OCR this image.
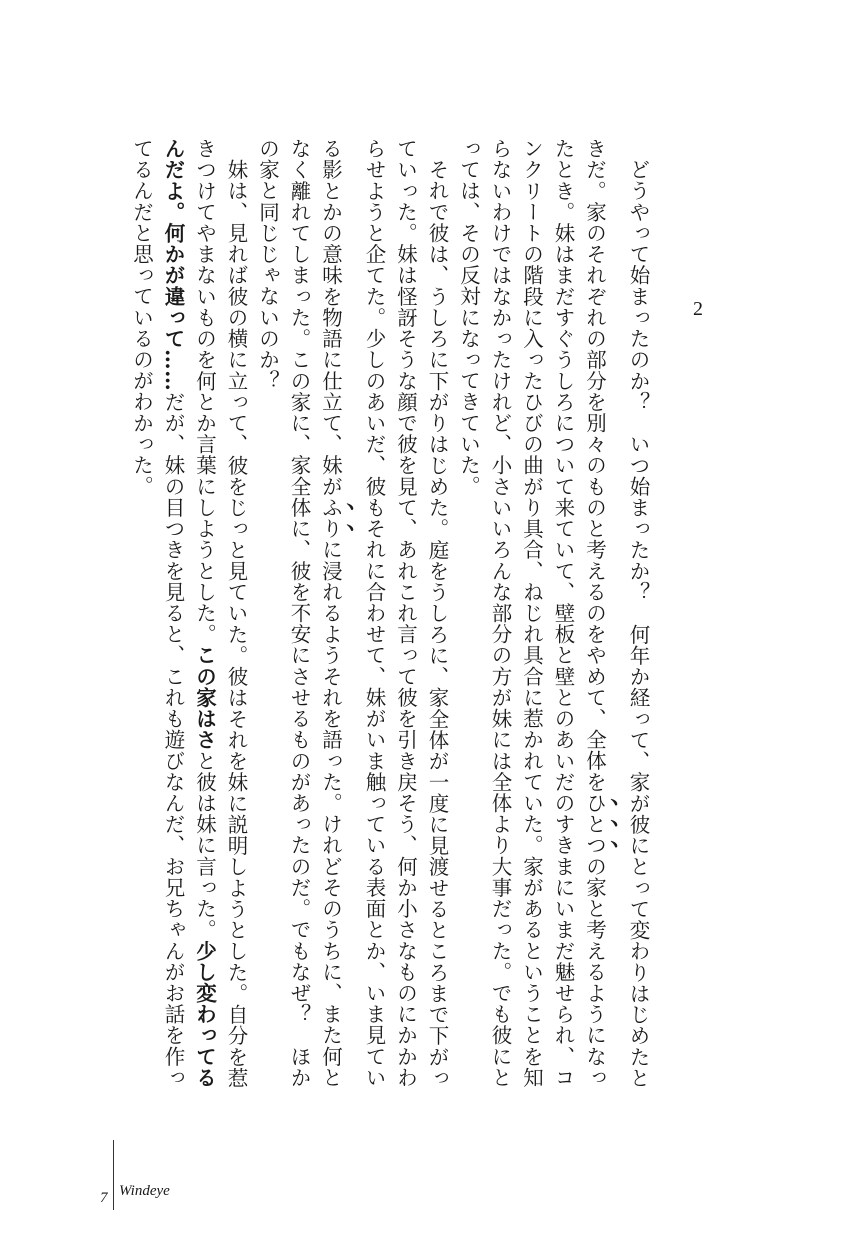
2

どうやって始まったのか？　いつ始まったか？　何年か経って、家が彼にとって変わりはじめたときだ。家のそれぞれの部分を別々のものと考えるのをやめて、全体をひとつの家と考えるようになったとき。妹はまだすぐうしろについて来ていて、壁板と壁とのあいだのすきまにいまだ魅せられ、コンクリートの階段に入ったひびの曲がり具合、ねじれ具合に惹かれていた。家があるということを知らないわけではなかったけれど、小さいいろんな部分の方が妹には全体より大事だった。でも彼にとっては、その反対になってきていた。

それで彼は、うしろに下がりはじめた。庭をうしろに、家全体が一度に見渡せるところまで下がっていった。妹は怪訝そうな顔で彼を見て、あれこれ言って彼を引き戻そう、何か小さなものにかかわらせようと企てた。少しのあいだ、彼もそれに合わせて、妹がいま触っている表面とか、いま見ている影とかの意味を物語に仕立て、妹がふりに浸れるようそれを語った。けれどそのうちに、また何となく離れてしまった。この家に、家全体に、彼を不安にさせるものがあったのだ。でもなぜ？　ほかの家と同じじゃないのか？

妹は、見れば彼の横に立って、彼をじっと見ていた。彼はそれを妹に説明しようとした。自分を惹きつけてやまないものを何とか言葉にしようとした。この家はさと彼は妹に言った。少し変わってるんだよ。何かが違って……だが、妹の目つきを見ると、これも遊びなんだ、お兄ちゃんがお話を作ってるんだと思っているのがわかった。

7 Windeye
